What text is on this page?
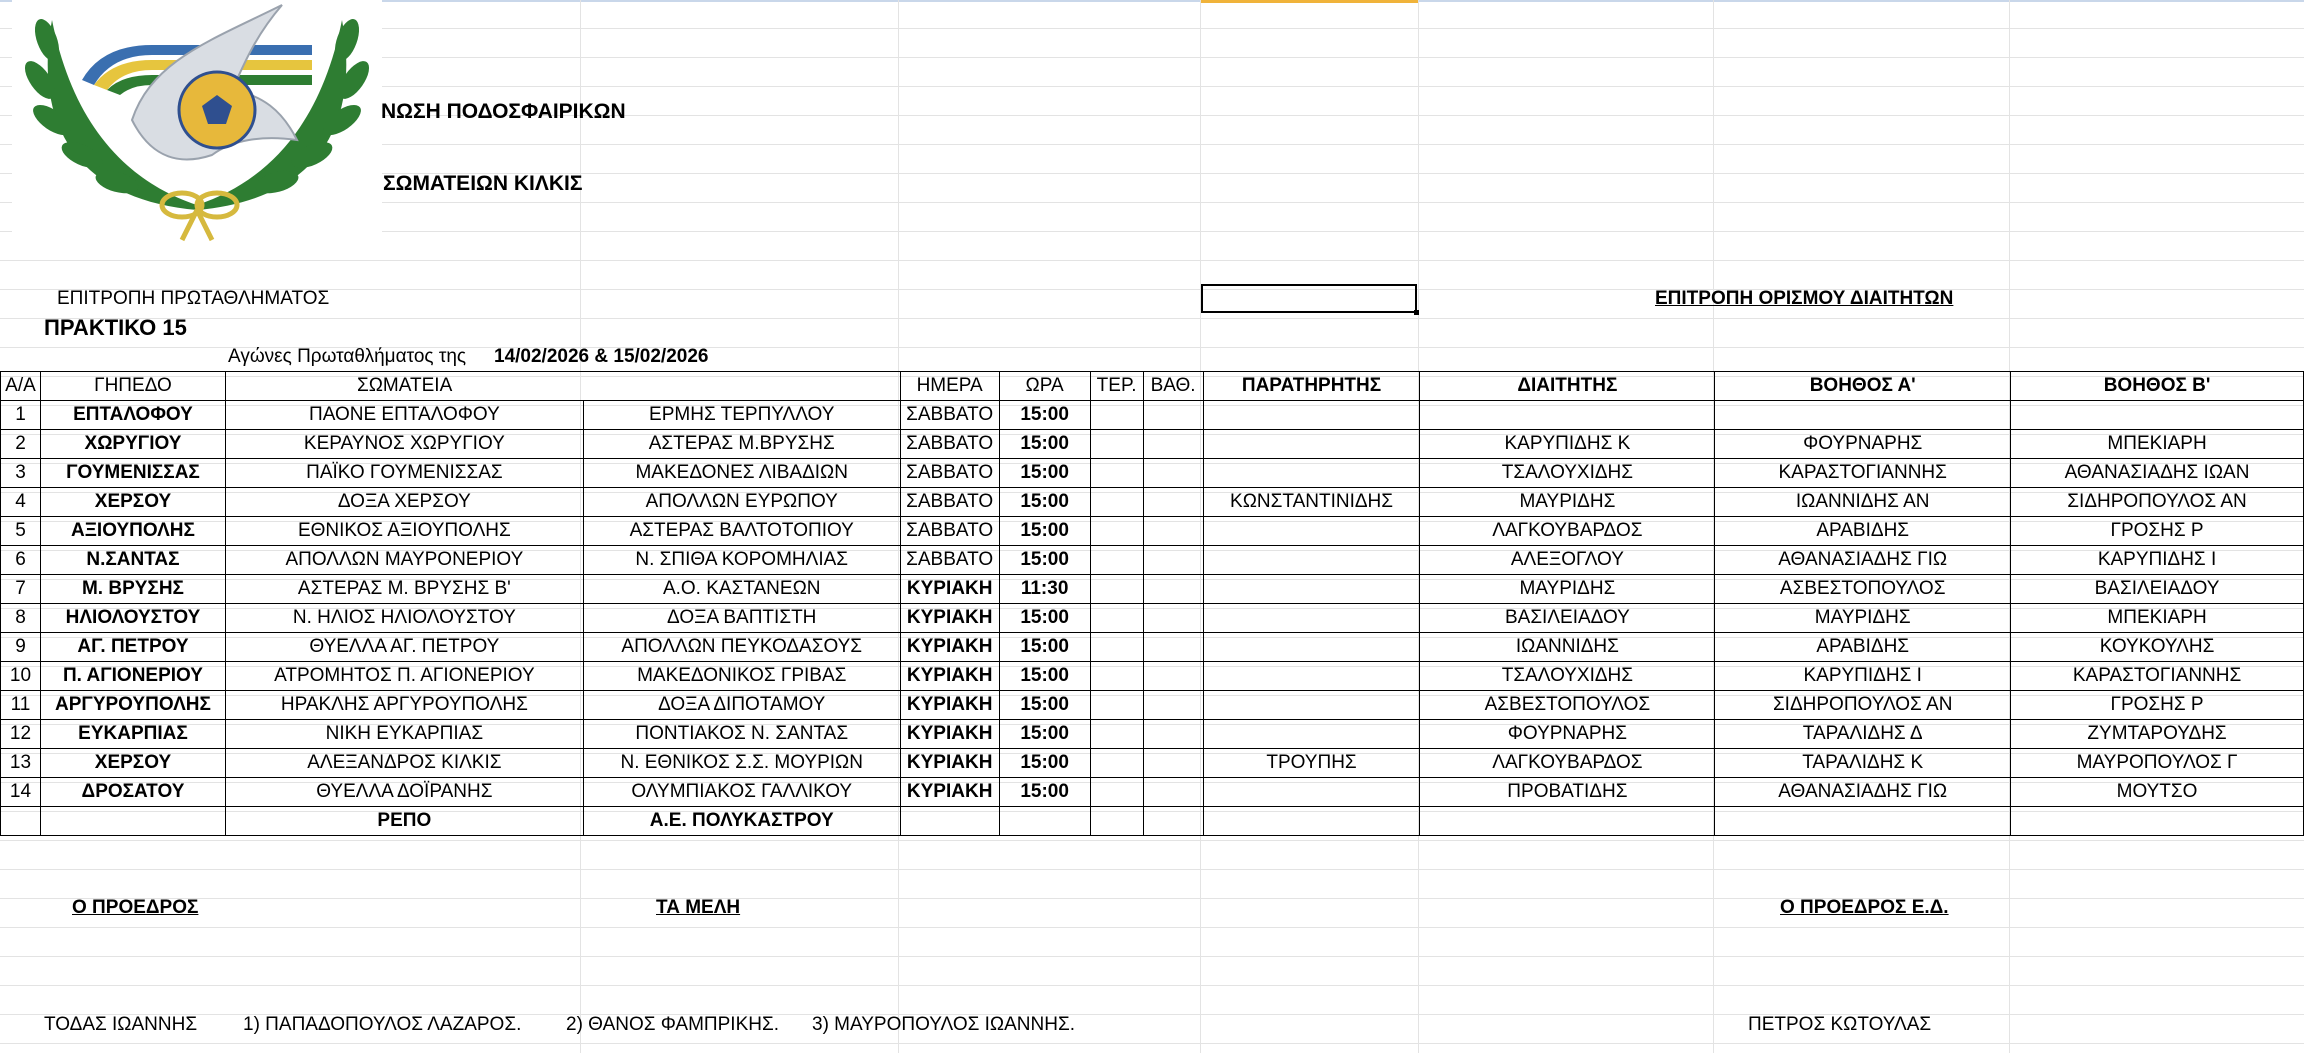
ΝΩΣΗ ΠΟΔΟΣΦΑΙΡΙΚΩΝ
ΣΩΜΑΤΕΙΩΝ ΚΙΛΚΙΣ
ΕΠΙΤΡΟΠΗ ΠΡΩΤΑΘΛΗΜΑΤΟΣ	ΕΠΙΤΡΟΠΗ ΟΡΙΣΜΟΥ ΔΙΑΙΤΗΤΩΝ
ΠΡΑΚΤΙΚΟ 15
Αγώνες Πρωταθλήματος της 14/02/2026 & 15/02/2026
Α/Α	ΓΗΠΕΔΟ	ΣΩΜΑΤΕΙΑ		ΗΜΕΡΑ	ΩΡΑ	ΤΕΡ.	ΒΑΘ.	ΠΑΡΑΤΗΡΗΤΗΣ	ΔΙΑΙΤΗΤΗΣ	ΒΟΗΘΟΣ Α'	ΒΟΗΘΟΣ Β'
1	ΕΠΤΑΛΟΦΟΥ	ΠΑΟΝΕ ΕΠΤΑΛΟΦΟΥ	ΕΡΜΗΣ ΤΕΡΠΥΛΛΟΥ	ΣΑΒΒΑΤΟ	15:00						
2	ΧΩΡΥΓΙΟΥ	ΚΕΡΑΥΝΟΣ ΧΩΡΥΓΙΟΥ	ΑΣΤΕΡΑΣ Μ.ΒΡΥΣΗΣ	ΣΑΒΒΑΤΟ	15:00				ΚΑΡΥΠΙΔΗΣ Κ	ΦΟΥΡΝΑΡΗΣ	ΜΠΕΚΙΑΡΗ
3	ΓΟΥΜΕΝΙΣΣΑΣ	ΠΑΪΚΟ ΓΟΥΜΕΝΙΣΣΑΣ	ΜΑΚΕΔΟΝΕΣ ΛΙΒΑΔΙΩΝ	ΣΑΒΒΑΤΟ	15:00				ΤΣΑΛΟΥΧΙΔΗΣ	ΚΑΡΑΣΤΟΓΙΑΝΝΗΣ	ΑΘΑΝΑΣΙΑΔΗΣ ΙΩΑΝ
4	ΧΕΡΣΟΥ	ΔΟΞΑ ΧΕΡΣΟΥ	ΑΠΟΛΛΩΝ ΕΥΡΩΠΟΥ	ΣΑΒΒΑΤΟ	15:00			ΚΩΝΣΤΑΝΤΙΝΙΔΗΣ	ΜΑΥΡΙΔΗΣ	ΙΩΑΝΝΙΔΗΣ ΑΝ	ΣΙΔΗΡΟΠΟΥΛΟΣ ΑΝ
5	ΑΞΙΟΥΠΟΛΗΣ	ΕΘΝΙΚΟΣ ΑΞΙΟΥΠΟΛΗΣ	ΑΣΤΕΡΑΣ ΒΑΛΤΟΤΟΠΙΟΥ	ΣΑΒΒΑΤΟ	15:00				ΛΑΓΚΟΥΒΑΡΔΟΣ	ΑΡΑΒΙΔΗΣ	ΓΡΟΣΗΣ Ρ
6	Ν.ΣΑΝΤΑΣ	ΑΠΟΛΛΩΝ ΜΑΥΡΟΝΕΡΙΟΥ	Ν. ΣΠΙΘΑ ΚΟΡΟΜΗΛΙΑΣ	ΣΑΒΒΑΤΟ	15:00				ΑΛΕΞΟΓΛΟΥ	ΑΘΑΝΑΣΙΑΔΗΣ ΓΙΩ	ΚΑΡΥΠΙΔΗΣ Ι
7	Μ. ΒΡΥΣΗΣ	ΑΣΤΕΡΑΣ Μ. ΒΡΥΣΗΣ Β'	Α.Ο. ΚΑΣΤΑΝΕΩΝ	ΚΥΡΙΑΚΗ	11:30				ΜΑΥΡΙΔΗΣ	ΑΣΒΕΣΤΟΠΟΥΛΟΣ	ΒΑΣΙΛΕΙΑΔΟΥ
8	ΗΛΙΟΛΟΥΣΤΟΥ	Ν. ΗΛΙΟΣ ΗΛΙΟΛΟΥΣΤΟΥ	ΔΟΞΑ ΒΑΠΤΙΣΤΗ	ΚΥΡΙΑΚΗ	15:00				ΒΑΣΙΛΕΙΑΔΟΥ	ΜΑΥΡΙΔΗΣ	ΜΠΕΚΙΑΡΗ
9	ΑΓ. ΠΕΤΡΟΥ	ΘΥΕΛΛΑ ΑΓ. ΠΕΤΡΟΥ	ΑΠΟΛΛΩΝ ΠΕΥΚΟΔΑΣΟΥΣ	ΚΥΡΙΑΚΗ	15:00				ΙΩΑΝΝΙΔΗΣ	ΑΡΑΒΙΔΗΣ	ΚΟΥΚΟΥΛΗΣ
10	Π. ΑΓΙΟΝΕΡΙΟΥ	ΑΤΡΟΜΗΤΟΣ Π. ΑΓΙΟΝΕΡΙΟΥ	ΜΑΚΕΔΟΝΙΚΟΣ ΓΡΙΒΑΣ	ΚΥΡΙΑΚΗ	15:00				ΤΣΑΛΟΥΧΙΔΗΣ	ΚΑΡΥΠΙΔΗΣ Ι	ΚΑΡΑΣΤΟΓΙΑΝΝΗΣ
11	ΑΡΓΥΡΟΥΠΟΛΗΣ	ΗΡΑΚΛΗΣ ΑΡΓΥΡΟΥΠΟΛΗΣ	ΔΟΞΑ ΔΙΠΟΤΑΜΟΥ	ΚΥΡΙΑΚΗ	15:00				ΑΣΒΕΣΤΟΠΟΥΛΟΣ	ΣΙΔΗΡΟΠΟΥΛΟΣ ΑΝ	ΓΡΟΣΗΣ Ρ
12	ΕΥΚΑΡΠΙΑΣ	ΝΙΚΗ ΕΥΚΑΡΠΙΑΣ	ΠΟΝΤΙΑΚΟΣ Ν. ΣΑΝΤΑΣ	ΚΥΡΙΑΚΗ	15:00				ΦΟΥΡΝΑΡΗΣ	ΤΑΡΑΛΙΔΗΣ Δ	ΖΥΜΤΑΡΟΥΔΗΣ
13	ΧΕΡΣΟΥ	ΑΛΕΞΑΝΔΡΟΣ ΚΙΛΚΙΣ	Ν. ΕΘΝΙΚΟΣ Σ.Σ. ΜΟΥΡΙΩΝ	ΚΥΡΙΑΚΗ	15:00			ΤΡΟΥΠΗΣ	ΛΑΓΚΟΥΒΑΡΔΟΣ	ΤΑΡΑΛΙΔΗΣ Κ	ΜΑΥΡΟΠΟΥΛΟΣ Γ
14	ΔΡΟΣΑΤΟΥ	ΘΥΕΛΛΑ ΔΟΪΡΑΝΗΣ	ΟΛΥΜΠΙΑΚΟΣ ΓΑΛΛΙΚΟΥ	ΚΥΡΙΑΚΗ	15:00				ΠΡΟΒΑΤΙΔΗΣ	ΑΘΑΝΑΣΙΑΔΗΣ ΓΙΩ	ΜΟΥΤΣΟ
		ΡΕΠΟ	Α.Ε. ΠΟΛΥΚΑΣΤΡΟΥ								
Ο ΠΡΟΕΔΡΟΣ	ΤΑ ΜΕΛΗ	Ο ΠΡΟΕΔΡΟΣ Ε.Δ.
ΤΟΔΑΣ ΙΩΑΝΝΗΣ 1) ΠΑΠΑΔΟΠΟΥΛΟΣ ΛΑΖΑΡΟΣ. 2) ΘΑΝΟΣ ΦΑΜΠΡΙΚΗΣ. 3) ΜΑΥΡΟΠΟΥΛΟΣ ΙΩΑΝΝΗΣ.	ΠΕΤΡΟΣ ΚΩΤΟΥΛΑΣ
